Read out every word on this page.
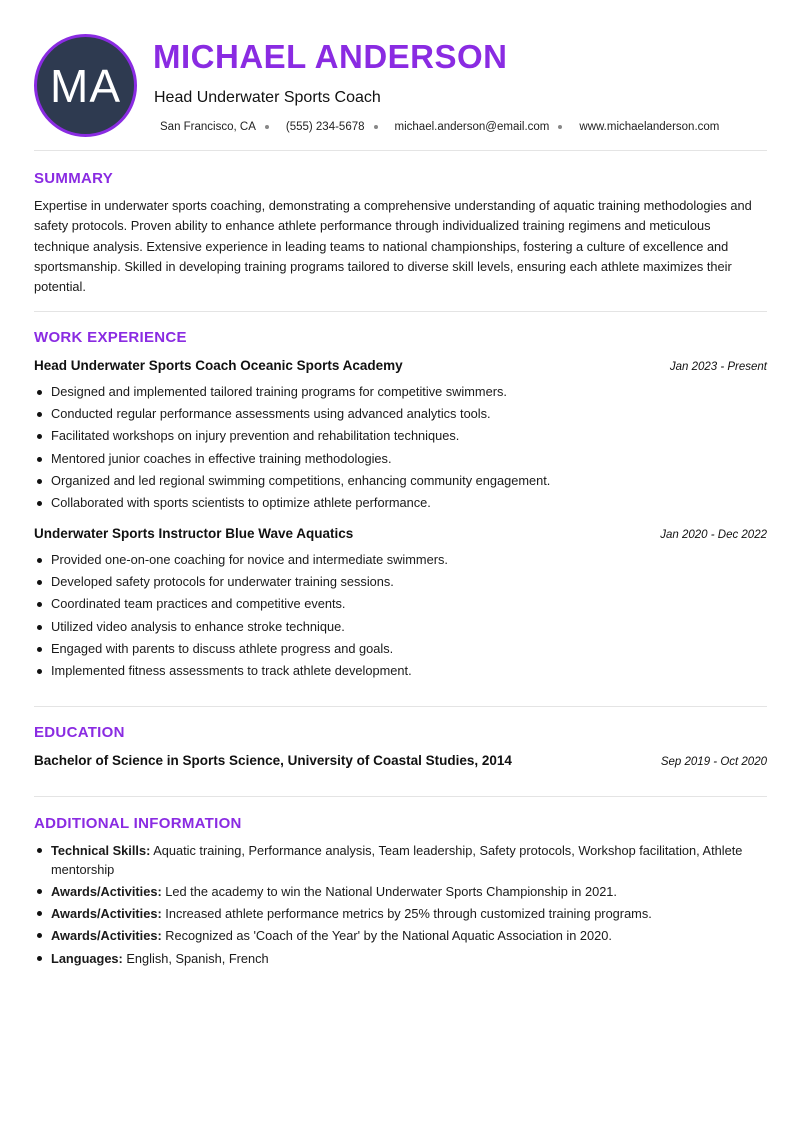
MA
MICHAEL ANDERSON
Head Underwater Sports Coach
San Francisco, CA	(555) 234-5678	michael.anderson@email.com	www.michaelanderson.com
SUMMARY

Expertise in underwater sports coaching, demonstrating a comprehensive understanding of aquatic training methodologies and safety protocols. Proven ability to enhance athlete performance through individualized training regimens and meticulous technique analysis. Extensive experience in leading teams to national championships, fostering a culture of excellence and sportsmanship. Skilled in developing training programs tailored to diverse skill levels, ensuring each athlete maximizes their potential.

WORK EXPERIENCE
Head Underwater Sports Coach Oceanic Sports Academy	Jan 2023 - Present
Designed and implemented tailored training programs for competitive swimmers.
Conducted regular performance assessments using advanced analytics tools.
Facilitated workshops on injury prevention and rehabilitation techniques.
Mentored junior coaches in effective training methodologies.
Organized and led regional swimming competitions, enhancing community engagement.
Collaborated with sports scientists to optimize athlete performance.
Underwater Sports Instructor Blue Wave Aquatics	Jan 2020 - Dec 2022
Provided one-on-one coaching for novice and intermediate swimmers.
Developed safety protocols for underwater training sessions.
Coordinated team practices and competitive events.
Utilized video analysis to enhance stroke technique.
Engaged with parents to discuss athlete progress and goals.
Implemented fitness assessments to track athlete development.
EDUCATION
Bachelor of Science in Sports Science, University of Coastal Studies, 2014	Sep 2019 - Oct 2020
ADDITIONAL INFORMATION
Technical Skills: Aquatic training, Performance analysis, Team leadership, Safety protocols, Workshop facilitation, Athlete mentorship
Awards/Activities: Led the academy to win the National Underwater Sports Championship in 2021.
Awards/Activities: Increased athlete performance metrics by 25% through customized training programs.
Awards/Activities: Recognized as 'Coach of the Year' by the National Aquatic Association in 2020.
Languages: English, Spanish, French
